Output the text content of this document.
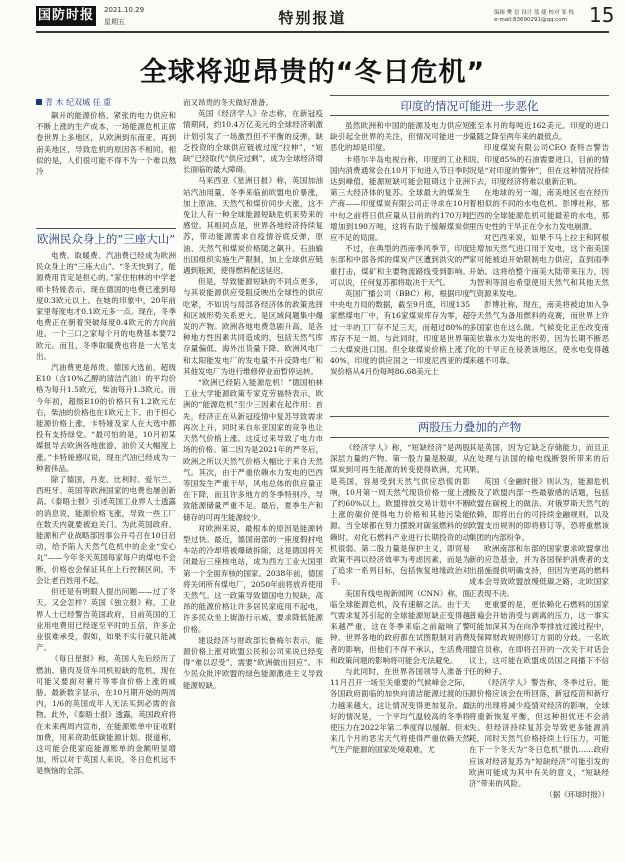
国防时报 2021.10.29
星期五	特别报道	编辑 樊 信 设计 蓝 婕 校对 邹 烁
e-mail:83690291@qq.com 15
全球将迎昂贵的“冬日危机”
青 木 纪双城 任 重

飙升的能源价格、紧张的电力供应和不断上涨的生产成本，一场能源危机正席卷世界上多地区，从欧洲到东南亚。再到南美地区，导致危机的原因各不相同。相似的是，人们很可能不得不为一个难以熬冷

欧洲民众身上的“三座大山”

电费、取暖费、汽油费已经成为欧洲民众身上的“三座大山”。“冬天快到了，能源费用肯定是担心的。”家住柏林的中学老师卡特娅表示，现在德国的电费已涨到每度0.3欧元以上。在她的印象中，20年前家里每度电才0.1欧元多一点。现在，冬季电费正在朝着突破每度0.4欧元的方向前进。一个三口之家每个月的电费基本要72欧元。而且，冬季取暖费也将是一大笔支出。

汽油费更是昂贵。德国大选前，超级E10（含10%乙醇的清洁汽油）的平均价格为每升1.5欧元，柴油每升1.3欧元。而今年初，超级E10的价格只有1.2欧元左右，柴油的价格也在1欧元上下。由于担心能源价格上涨，卡特娅及家人在大选中都投有支持绿党。“最可怕的是，10月初某媒报导去欧洲各地旅游，油价又大幅度上涨。”卡特娅感叹说，现在汽油已经成为一种奢侈品。

除了德国，丹麦、比利时、爱尔兰、西班牙、英国等欧洲国家的电费也屡创新高。《泰晤士报》引述英国工业界人士透露的消息说，能源价格飞涨，导致一些工厂在数天内就要被迫关门。为此英国政府、能源和产业战略部因事公开号召在10日启动，给予陷入天然气危机中的企业“安心丸”——今年冬天英国每家每户的煤电不会断，价格也会保证其在上行控制区间，不会让老百姓用不起。

但还是有明眼人提出问题——过了冬天，又会怎样？英国《独立报》称，工业界人士已经警告英国政府，目前英国的工业用电费用已经逐至平时的五倍，许多企业很难承受，假如，如果不实行就只能减产。

《每日星报》称，英国人先后经历了燃油、猪肉及货车司机短缺的危机，现在可能又要面对薯片等零食价格上涨的威胁。最新数字显示，在10月期开始的两周内，1/6的英国成年人无法买到必需的食物。此外，《泰晤士报》透露，英国政府将在未来两周内宣布，在能源账单中征收附加费，用来资助低碳能源计划。报道称，这可能会使家庭能源账单的金额明显增加，所以对于英国人来说，冬日危机远不是恢恼的全部。

而又昂贵的冬天做好准备。

英国《经济学人》杂志称，在新冠疫情期间，约10.4万亿美元的全球经济刺激计划引发了一场激烈但不平衡的反弹，缺乏投资的全球供应链被过度“拉伸”，“短缺”已经取代“供应过剩”，成为全球经济增长面临的最大障碍。

马来西亚《星洲日报》称，英国加油站汽油用量、冬季来临前欧盟电价暴涨，加上原油、天然气和煤价同步大涨，这不免让人有一种全球能源短缺危机来势来的感觉。其相同点是，世界各地经济持续复苏，带动能源需求自疫情谷底反弹，原油、天然气和煤炭价格随之飙升。石油输出国组织实施生产限制，加上全球供应链遇到瓶颈，使得燃料配送延迟。

但是，导致能源短缺的不同点更多，与其说能源供应受阻反映出全球性的供应吃紧，不如说与局部各经济体的政策选择和区域形势关系更大。是区域间题集中爆发的产物。欧洲各地电费急剧升高，是各种地方性因素共同造成的，包括天然气库存量偏低、海外出货量下降、欧洲风电厂和太阳能发电厂的发电量不升反降电厂和其他发电厂为进行维修停业而暂停运转。

“欧洲已经陷入能源危机！”德国柏林工业大学能源政策专家克劳福特表示，欧洲的“能源危机”至少三因素在起作用：首先，经济正在从新冠疫情中复苏导致需求再次上升，同时来自东亚国家的竞争也让天然气价格上涨。这反过来导致了电力市场的价格。第二因为是2021年的严冬后，欧洲之所以天然气价格大幅比于来自天然气。其次，由于严重依赖水力发电的巴西等国发生严重干旱，风电总体的供应量正在下降，而且许多地方的冬季特别冷，导致能源储量严重不足。最后，夏季生产和储存的可再生能源较少。

对欧洲来说，最根本的原因是能源转型过快。最近，德国南部的一座度假村电车站的冷却塔被爆破拆除，这是德国将关闭最后三座核电站，成为西方工业大国里第一个全面弃核的国家。2038年前，德国将关闭所有煤电厂，2050年前将放弃使用天然气。这一政策导致德国电力短缺，高昂的能源价格让许多居民家庭用不起电，许多民众坐上街游行示威，要求降低能源价格。

建设经济与财政部长鲁梅尔表示，能源价格上涨对欧盟公民和公司来说已经变得“难以忍受”，需要“欧洲做出回应”。不少民众批评欧盟的绿色能源激进主义导致能源短缺。

印度的情况可能进一步恶化

虽然欧洲和中国的能源及电力供应短缺引起全世界的关注，但情况可能进一步恶化的却是印度。

卡塔尔半岛电视台称，印度的工业和国内消费通常会在10月下旬进入节日季时达到峰值，能源短缺可能会阻碍这个亚洲第三大经济体的复苏。全球最大的煤炭生产商——印度煤炭有限公司正寻求在10月中旬之前将日供应量从目前的约170万吨增加到190万吨，这将有助于缓解煤炭供应不足的局面。

不过，在典型的西南季风季节，印度东部和中部各邦的煤炭产区遭到洪灾的严重打击，煤矿和主要物流路线受到影响。可以说，任何复苏都将取决于天气。

英国广播公司（BBC）称，根据印度中央电力局的数据，截至9月底，印度135家燃煤电厂中，有16家煤炭库存为零，超过一半的工厂存不足三天，而超过80%的库存不足一周。与此同时，印度是世界第二大煤炭进口国。但全球煤炭价格上涨了40%，印度的供应国之一印度尼西亚的煤炭价格从4月份每吨86.68美元上

涨至本月的每吨近162美元。印度的进口量随之降至两年来的最低点。

印度煤炭有限公司CEO 查特吉警告说，印度85%的石油需要进口，目前的情况是“对印度的警钟”，但在这种情况持续下去，印度经济将难以重新正轨。

在地球的另一端，南美地区也在经历着相似的不同的水电危机。彭博社称，那巴西的全球能源危机可能最差的水电，那里历史性的干旱正在令水力发电崩溃。

对巴西来说，如果不马上拉主和阿根廷增加天然气进口用于发电，这个南美国家可能被迫开始限制电力供应，直到雨季开始。这将给整个南美大陆带来压力，因为智利等国也希望使用天然气和其他天然气资源来发电。

彭博社称，现在，南美将被迫加入争夺天然气为备用燃料的竞赛，而世界上许多国家也在这么做。气候变化正在改变南美依靠水力发电的形势，因为长期不断恶化的干旱正在侵袭该地区，使水电变得越来越不可靠。

两股压力叠加的产物

《经济学人》称，“短缺经济”是两股深层力量的产物。第一股力量是脱碳，从煤炭到可再生能源的转变使得欧洲，尤其是英国，容易受到天然气供应恐慌的影响，10月第一周天然气现货价格一度上涨了约60%以上，欧盟排放交易计划中不断上涨的碳价使得电力价格和其他污染能源。当全球都在努力摆脱对碳氢燃料的依赖时，对化石燃料产业进行长期投资的动机很弱。第二股力量是保护主义，即贸易政策不再以经济效率为考虑因素，而是为了追求一系列目标，包括恢复地缘政治对手。

美国有线电视新闻网（CNN）称，面临全球能源危机，没有速解之法。由于天气需求复苏引起的全球能源短缺正变得越来越严重，这在冬季来临之前敲响了警钟。世界各地的政府都在试图限制对消费者的影响，但他们不得不承认，生活费用和政策问题的影响将可能会无法避免。

与此同时，在世界各国领导人准备于11月召开一场至关重要的气候峰会之际，各国政府面临的加快向清洁能源过渡的压力越来越大，这让情况变得更加复杂。最好的情况是，一个平均气温较高的冬季将使压力在2022年第二季度得以缓解。但未来几个月的恶劣天气将使得严重依赖天然气生产能源的国家处境艰难，尤

其是英国，因为它缺乏存储能力，而且正在处理与法国的输电线断裂所带来的后果。

英国《金融时报》则认为，能源危机极及了欧盟内部一些最敏感的话题，包括欧盟在碳税上的做法、对俄罗斯天然气的依赖，即将出台的可持续金融规则，以及欧盟支出规则的即将修订等，恐将重燃该集团的内部纷争。

欧洲南部和东部的国家要求欧盟拿出新的应急基金，并为各国保护消费者的支出措施提供明确支持，但因为更高的燃料成本会导致欧盟放慢低碳之路，北欧国家正表现不决。

更重要的是，更依赖化石燃料的国家普遍会开始消受与剥离的压力，这一事实可能加深其为在向净零排放过渡过程中，及保障财政规则修订方面的分歧。一名欧盟官员称，在即将召开的一次关于对话会议上，这可能在欧盟成员国之间播下不信任的种子。

《经济学人》警告称，冬季过后，能源价格应该会在所回落，新冠疫苗和新疗法的出现将减少疫情对经济的影响，全球将重新恢复平衡，但这种担忧还不会消失。但经济持续复苏会导致更多能源消耗，同时天然气价格持续上行压力，可能在下一个冬天为“冬日危机”报仇……政府应该对经济复苏为“短缺经济”可能引发的欧洲可能成为其中有关的意义，“短缺经济”带来的风险。

（据《环球时报》）
